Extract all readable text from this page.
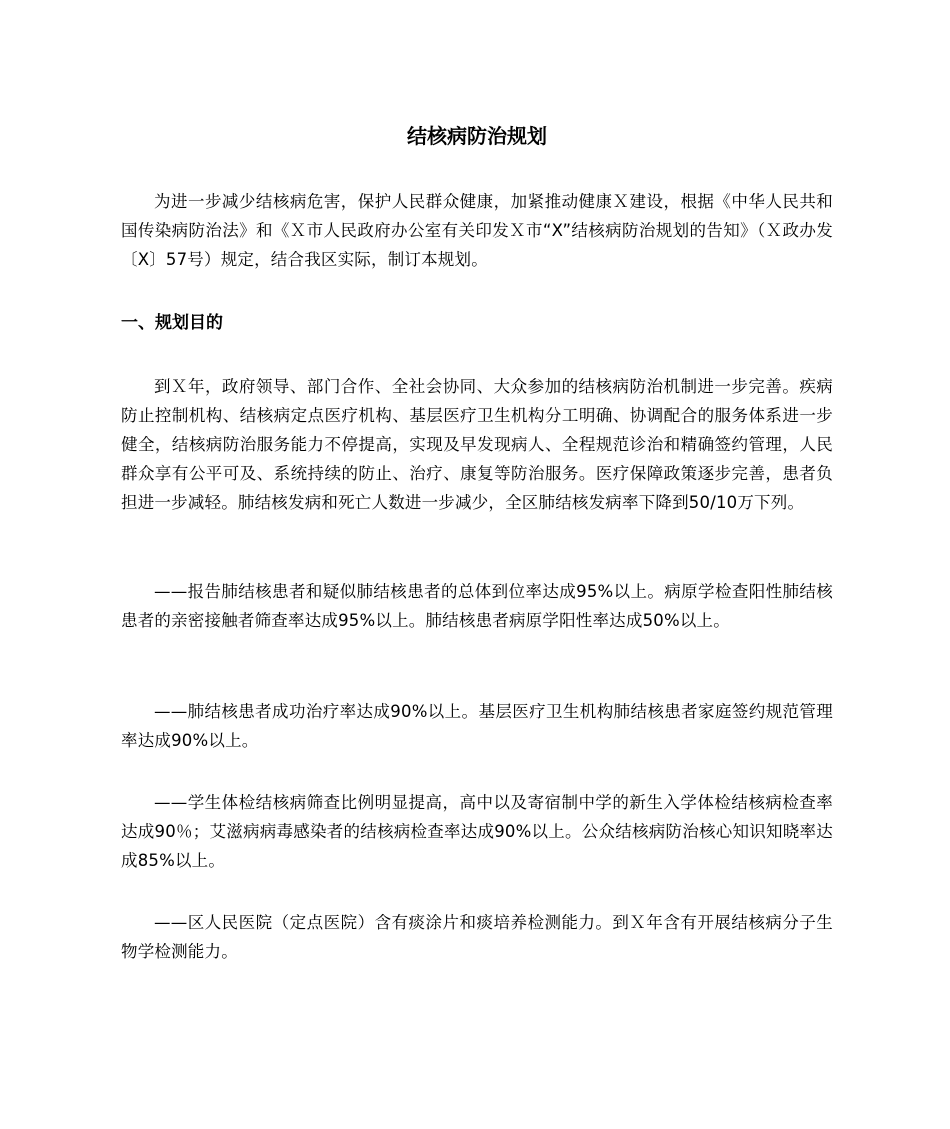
结核病防治规划

为进一步减少结核病危害，保护人民群众健康，加紧推动健康Ｘ建设，根据《中华人民共和国传染病防治法》和《Ｘ市人民政府办公室有关印发Ｘ市“X”结核病防治规划的告知》（Ｘ政办发〔X〕57号）规定，结合我区实际，制订本规划。

一、规划目的

到Ｘ年，政府领导、部门合作、全社会协同、大众参加的结核病防治机制进一步完善。疾病防止控制机构、结核病定点医疗机构、基层医疗卫生机构分工明确、协调配合的服务体系进一步健全，结核病防治服务能力不停提高，实现及早发现病人、全程规范诊治和精确签约管理，人民群众享有公平可及、系统持续的防止、治疗、康复等防治服务。医疗保障政策逐步完善，患者负担进一步减轻。肺结核发病和死亡人数进一步减少，全区肺结核发病率下降到50/10万下列。

——报告肺结核患者和疑似肺结核患者的总体到位率达成95%以上。病原学检查阳性肺结核患者的亲密接触者筛查率达成95%以上。肺结核患者病原学阳性率达成50%以上。

——肺结核患者成功治疗率达成90%以上。基层医疗卫生机构肺结核患者家庭签约规范管理率达成90%以上。

——学生体检结核病筛查比例明显提高，高中以及寄宿制中学的新生入学体检结核病检查率达成90％；艾滋病病毒感染者的结核病检查率达成90%以上。公众结核病防治核心知识知晓率达成85%以上。

——区人民医院（定点医院）含有痰涂片和痰培养检测能力。到Ｘ年含有开展结核病分子生物学检测能力。
